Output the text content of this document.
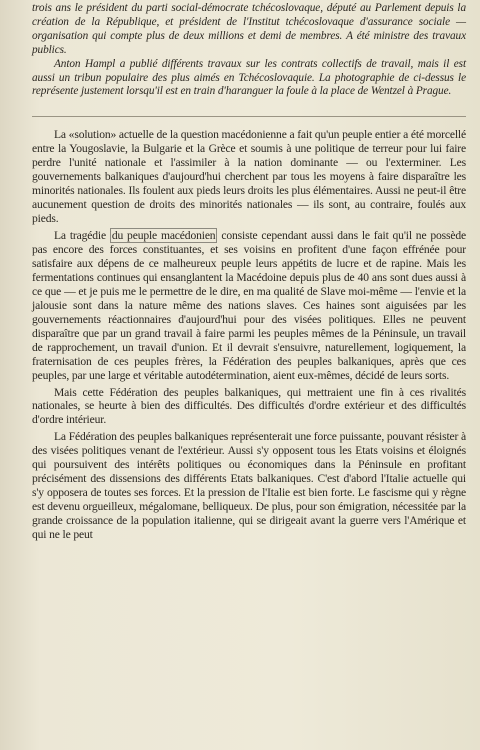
trois ans le président du parti social-démocrate tchécoslovaque, député au Parlement depuis la création de la République, et président de l'Institut tchécoslovaque d'assurance sociale — organisation qui compte plus de deux millions et demi de membres. A été ministre des travaux publics.

Anton Hampl a publié différents travaux sur les contrats collectifs de travail, mais il est aussi un tribun populaire des plus aimés en Tchécoslovaquie. La photographie de ci-dessus le représente justement lorsqu'il est en train d'haranguer la foule à la place de Wentzel à Prague.

La «solution» actuelle de la question macédonienne a fait qu'un peuple entier a été morcellé entre la Yougoslavie, la Bulgarie et la Grèce et soumis à une politique de terreur pour lui faire perdre l'unité nationale et l'assimiler à la nation dominante — ou l'exterminer. Les gouvernements balkaniques d'aujourd'hui cherchent par tous les moyens à faire disparaître les minorités nationales. Ils foulent aux pieds leurs droits les plus élémentaires. Aussi ne peut-il être aucunement question de droits des minorités nationales — ils sont, au contraire, foulés aux pieds.

La tragédie du peuple macédonien consiste cependant aussi dans le fait qu'il ne possède pas encore des forces constituantes, et ses voisins en profitent d'une façon effrénée pour satisfaire aux dépens de ce malheureux peuple leurs appétits de lucre et de rapine. Mais les fermentations continues qui ensanglantent la Macédoine depuis plus de 40 ans sont dues aussi à ce que — et je puis me le permettre de le dire, en ma qualité de Slave moi-même — l'envie et la jalousie sont dans la nature même des nations slaves. Ces haines sont aiguisées par les gouvernements réactionnaires d'aujourd'hui pour des visées politiques. Elles ne peuvent disparaître que par un grand travail à faire parmi les peuples mêmes de la Péninsule, un travail de rapprochement, un travail d'union. Et il devrait s'ensuivre, naturellement, logiquement, la fraternisation de ces peuples frères, la Fédération des peuples balkaniques, après que ces peuples, par une large et véritable autodétermination, aient eux-mêmes, décidé de leurs sorts.

Mais cette Fédération des peuples balkaniques, qui mettraient une fin à ces rivalités nationales, se heurte à bien des difficultés. Des difficultés d'ordre extérieur et des difficultés d'ordre intérieur.

La Fédération des peuples balkaniques représenterait une force puissante, pouvant résister à des visées politiques venant de l'extérieur. Aussi s'y opposent tous les Etats voisins et éloignés qui poursuivent des intérêts politiques ou économiques dans la Péninsule en profitant précisément des dissensions des différents Etats balkaniques. C'est d'abord l'Italie actuelle qui s'y opposera de toutes ses forces. Et la pression de l'Italie est bien forte. Le fascisme qui y règne est devenu orgueilleux, mégalomane, belliqueux. De plus, pour son émigration, nécessitée par la grande croissance de la population italienne, qui se dirigeait avant la guerre vers l'Amérique et qui ne le peut
